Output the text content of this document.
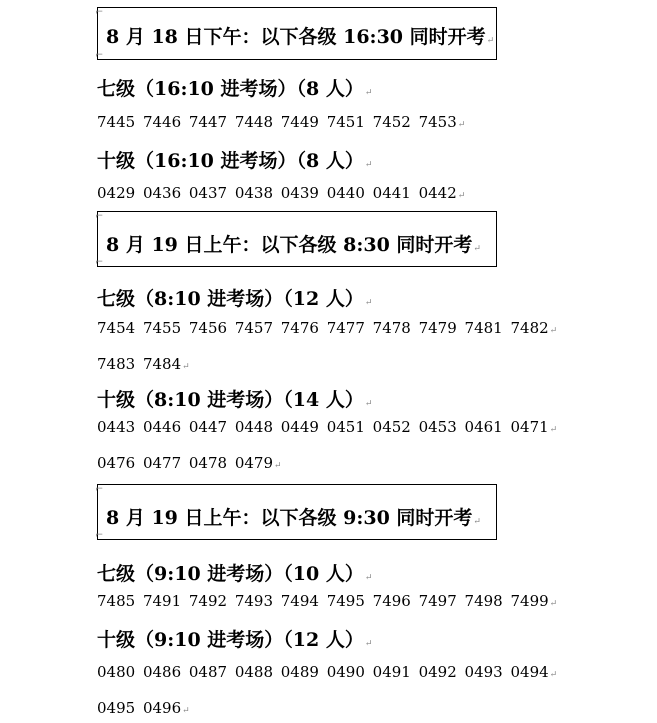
⌐
8 月 18 日下午：以下各级 16:30 同时开考↵
⌐
七级（16:10 进考场）（8 人）↵
7445 7446 7447 7448 7449 7451 7452 7453↵
十级（16:10 进考场）（8 人）↵
0429 0436 0437 0438 0439 0440 0441 0442↵
⌐
8 月 19 日上午：以下各级 8:30 同时开考↵
⌐
七级（8:10 进考场）（12 人）↵
7454 7455 7456 7457 7476 7477 7478 7479 7481 7482↵
7483 7484↵
十级（8:10 进考场）（14 人）↵
0443 0446 0447 0448 0449 0451 0452 0453 0461 0471↵
0476 0477 0478 0479↵
⌐
8 月 19 日上午：以下各级 9:30 同时开考↵
⌐
七级（9:10 进考场）（10 人）↵
7485 7491 7492 7493 7494 7495 7496 7497 7498 7499↵
十级（9:10 进考场）（12 人）↵
0480 0486 0487 0488 0489 0490 0491 0492 0493 0494↵
0495 0496↵
